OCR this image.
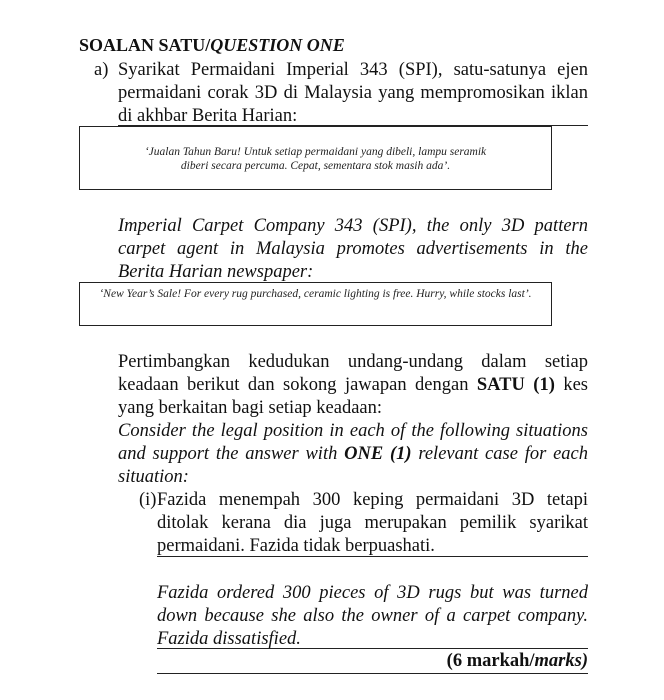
SOALAN SATU/QUESTION ONE
a) Syarikat Permaidani Imperial 343 (SPI), satu-satunya ejen permaidani corak 3D di Malaysia yang mempromosikan iklan di akhbar Berita Harian:
‘Jualan Tahun Baru! Untuk setiap permaidani yang dibeli, lampu seramik diberi secara percuma. Cepat, sementara stok masih ada’.
Imperial Carpet Company 343 (SPI), the only 3D pattern carpet agent in Malaysia promotes advertisements in the Berita Harian newspaper:
‘New Year’s Sale! For every rug purchased, ceramic lighting is free. Hurry, while stocks last’.
Pertimbangkan kedudukan undang-undang dalam setiap keadaan berikut dan sokong jawapan dengan SATU (1) kes yang berkaitan bagi setiap keadaan:
Consider the legal position in each of the following situations and support the answer with ONE (1) relevant case for each situation:
(i) Fazida menempah 300 keping permaidani 3D tetapi ditolak kerana dia juga merupakan pemilik syarikat permaidani. Fazida tidak berpuashati.
Fazida ordered 300 pieces of 3D rugs but was turned down because she also the owner of a carpet company. Fazida dissatisfied.
(6 markah/marks)
